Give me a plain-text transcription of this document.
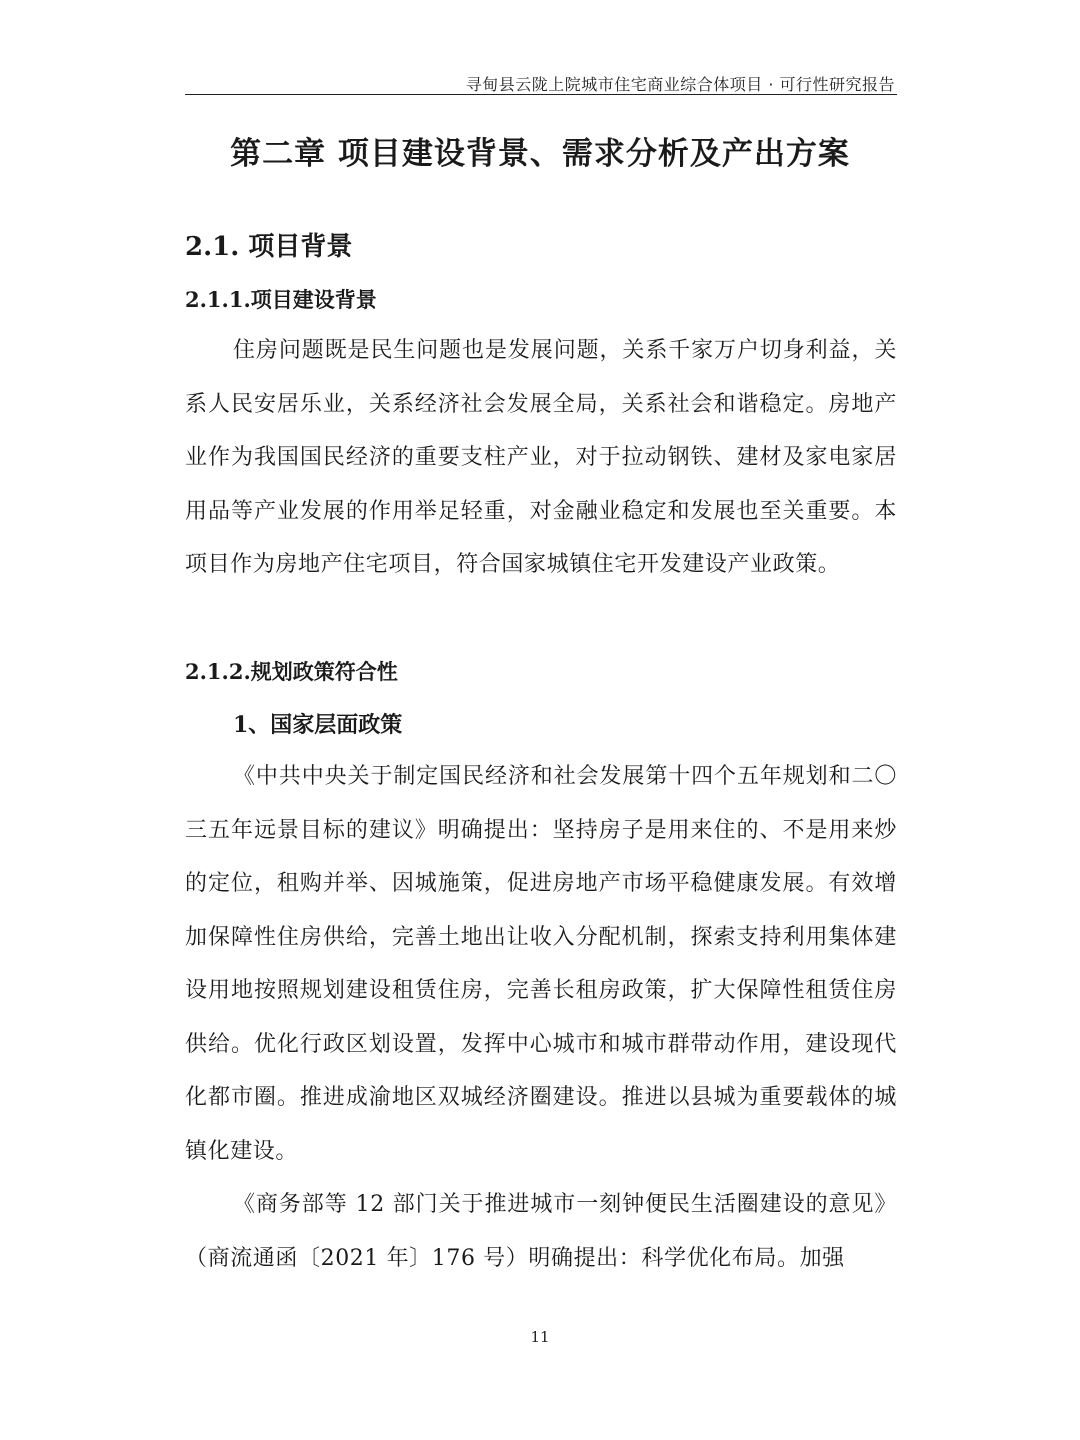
寻甸县云陇上院城市住宅商业综合体项目 · 可行性研究报告
第二章 项目建设背景、需求分析及产出方案
2.1. 项目背景
2.1.1.项目建设背景

住房问题既是民生问题也是发展问题，关系千家万户切身利益，关系人民安居乐业，关系经济社会发展全局，关系社会和谐稳定。房地产业作为我国国民经济的重要支柱产业，对于拉动钢铁、建材及家电家居用品等产业发展的作用举足轻重，对金融业稳定和发展也至关重要。本项目作为房地产住宅项目，符合国家城镇住宅开发建设产业政策。

2.1.2.规划政策符合性
1、国家层面政策

《中共中央关于制定国民经济和社会发展第十四个五年规划和二〇三五年远景目标的建议》明确提出：坚持房子是用来住的、不是用来炒的定位，租购并举、因城施策，促进房地产市场平稳健康发展。有效增加保障性住房供给，完善土地出让收入分配机制，探索支持利用集体建设用地按照规划建设租赁住房，完善长租房政策，扩大保障性租赁住房供给。优化行政区划设置，发挥中心城市和城市群带动作用，建设现代化都市圈。推进成渝地区双城经济圈建设。推进以县城为重要载体的城镇化建设。

《商务部等 12 部门关于推进城市一刻钟便民生活圈建设的意见》（商流通函〔2021 年〕176 号）明确提出：科学优化布局。加强

11
